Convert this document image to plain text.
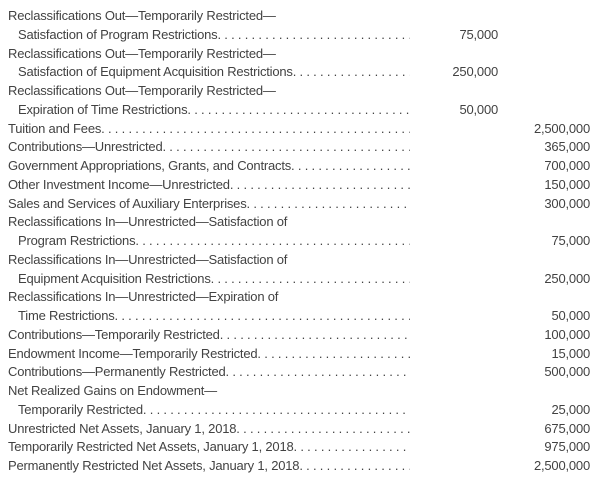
Reclassifications Out—Temporarily Restricted—
Satisfaction of Program Restrictions . . .	75,000
Reclassifications Out—Temporarily Restricted—
Satisfaction of Equipment Acquisition Restrictions . . .	250,000
Reclassifications Out—Temporarily Restricted—
Expiration of Time Restrictions . . .	50,000
Tuition and Fees . . .	2,500,000
Contributions—Unrestricted . . .	365,000
Government Appropriations, Grants, and Contracts . . .	700,000
Other Investment Income—Unrestricted . . .	150,000
Sales and Services of Auxiliary Enterprises . . .	300,000
Reclassifications In—Unrestricted—Satisfaction of
Program Restrictions . . .	75,000
Reclassifications In—Unrestricted—Satisfaction of
Equipment Acquisition Restrictions . . .	250,000
Reclassifications In—Unrestricted—Expiration of
Time Restrictions . . .	50,000
Contributions—Temporarily Restricted . . .	100,000
Endowment Income—Temporarily Restricted . . .	15,000
Contributions—Permanently Restricted . . .	500,000
Net Realized Gains on Endowment—
Temporarily Restricted . . .	25,000
Unrestricted Net Assets, January 1, 2018 . . .	675,000
Temporarily Restricted Net Assets, January 1, 2018 . . .	975,000
Permanently Restricted Net Assets, January 1, 2018 . . .	2,500,000
